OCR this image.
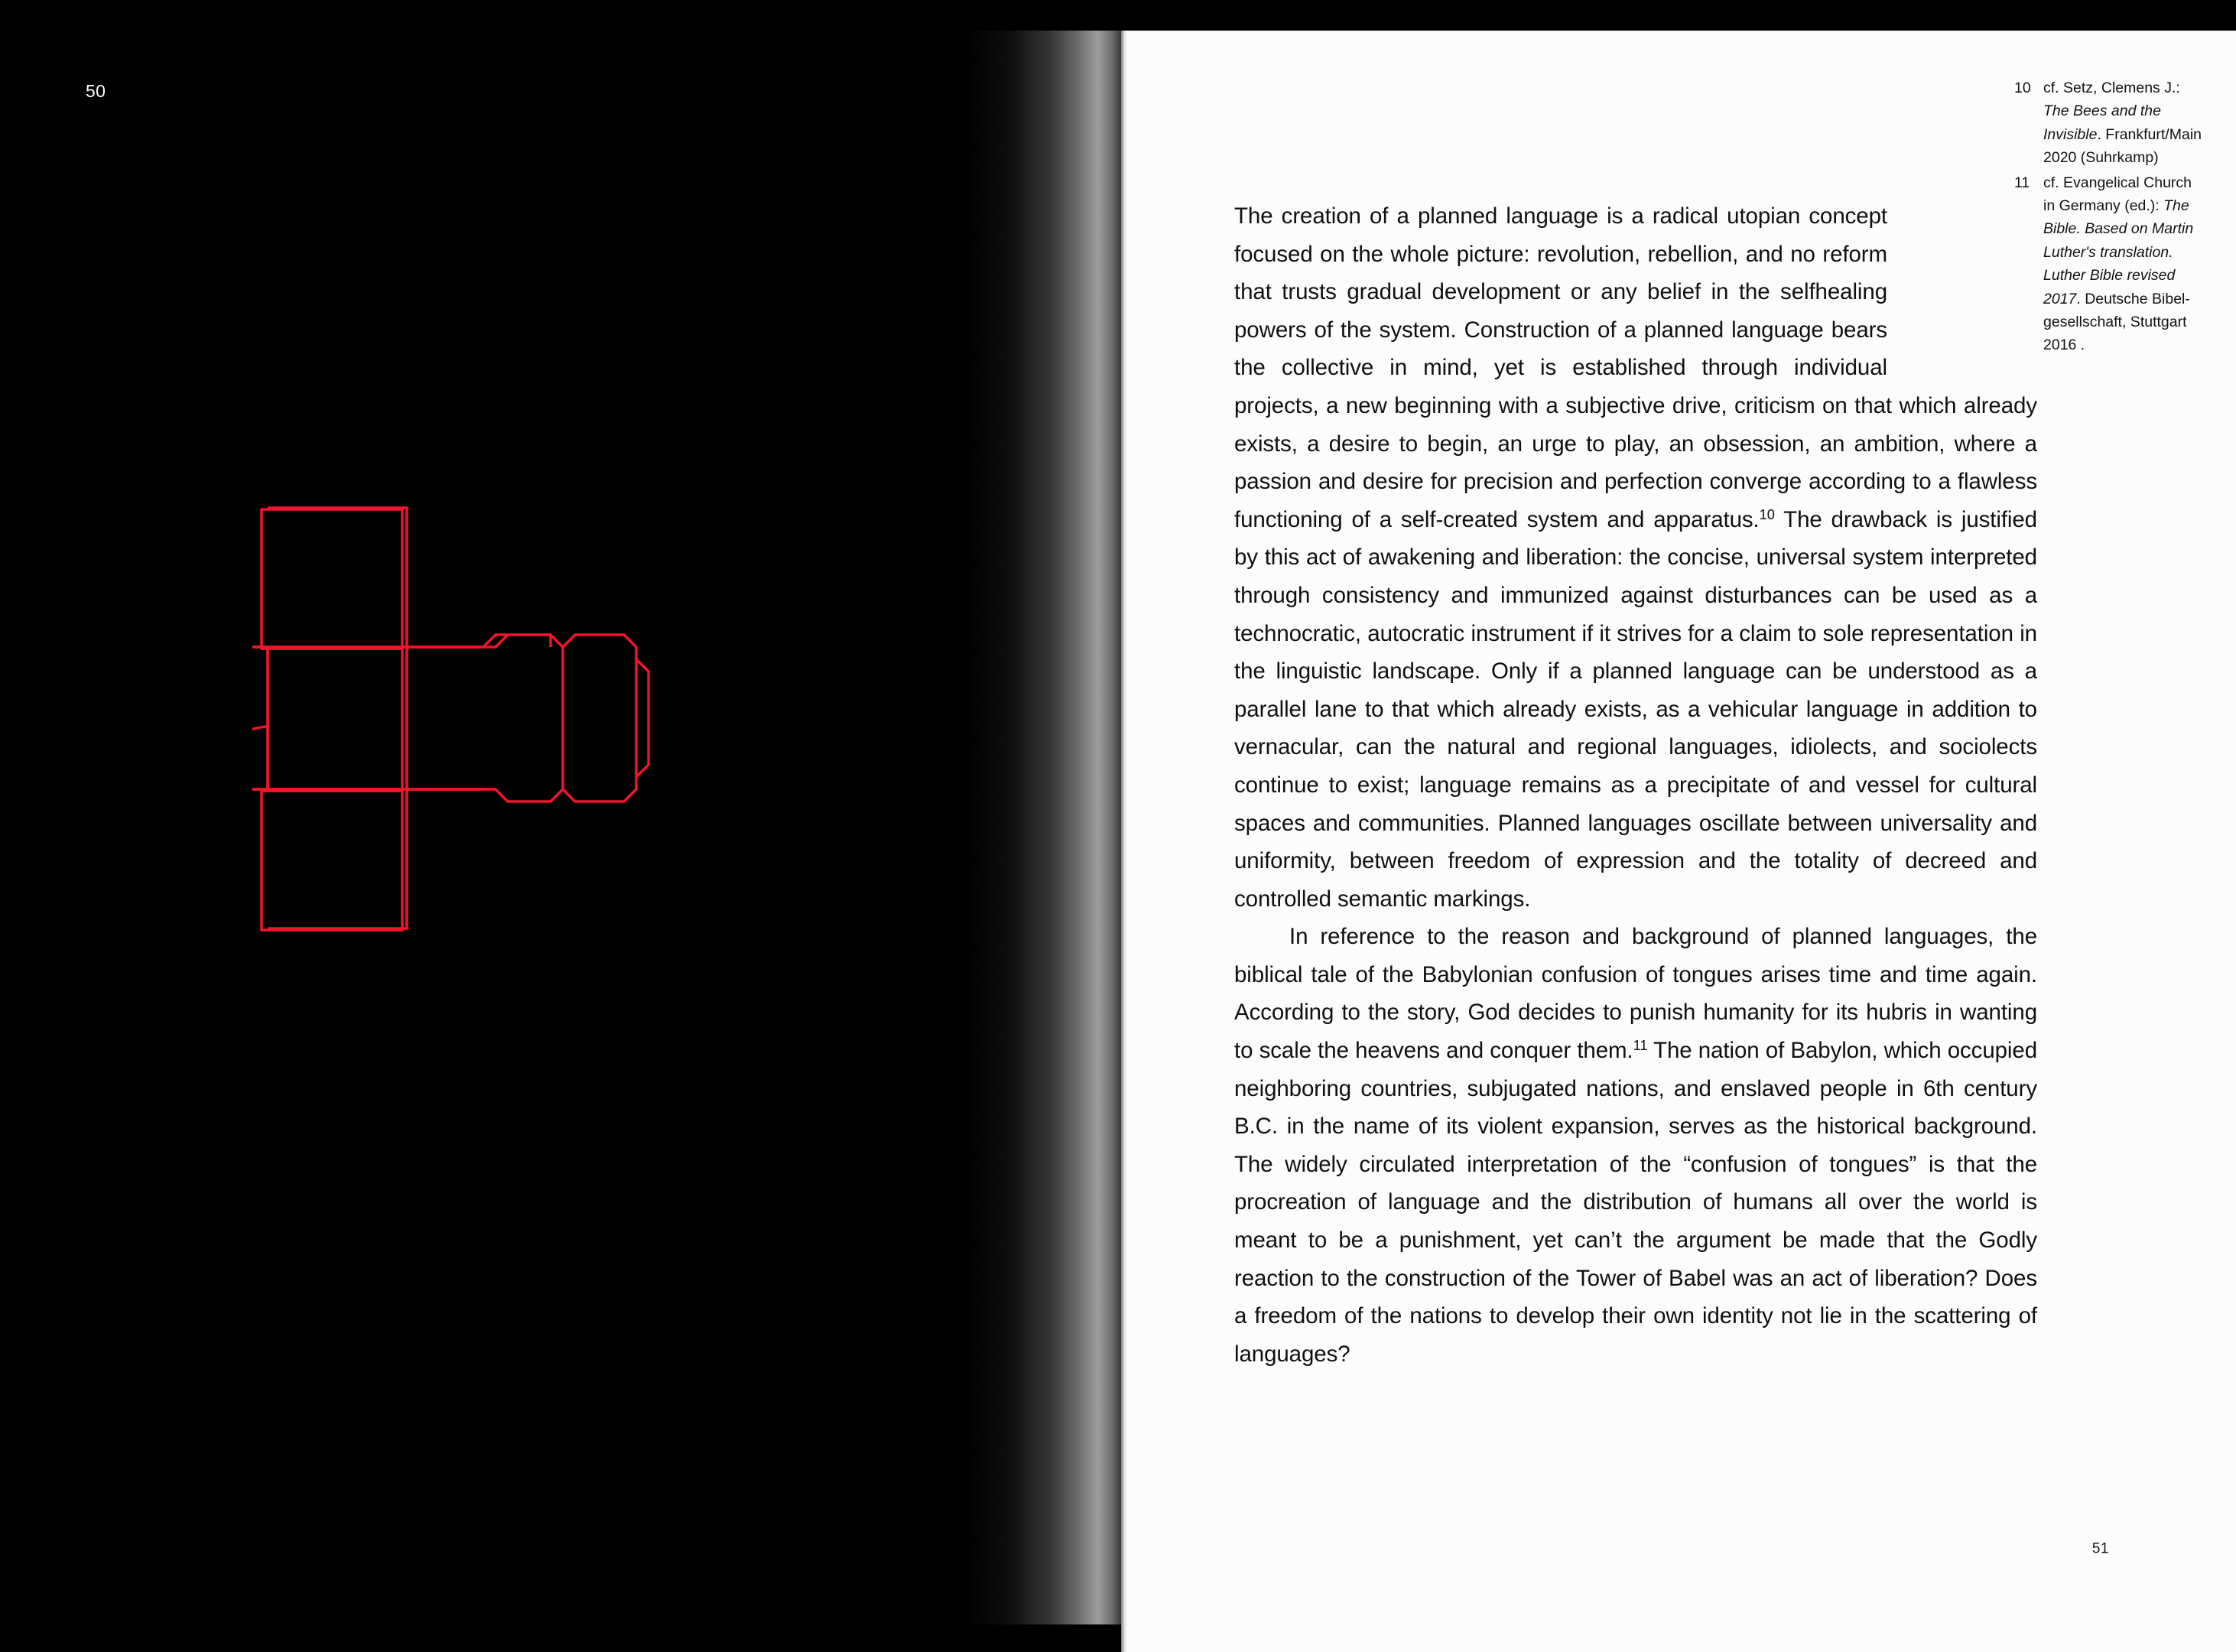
50	10 cf. Setz, Clemens J.: The Bees and the Invisible. Frankfurt/Main 2020 (Suhrkamp)
11 cf. Evangelical Church in Germany (ed.): The Bible. Based on Martin Luther's translation. Luther Bible revised 2017. Deutsche Bibel-gesellschaft, Stuttgart 2016 .

The creation of a planned language is a radical utopian concept focused on the whole picture: revolution, rebellion, and no reform that trusts gradual development or any belief in the selfhealing powers of the system. Construction of a planned language bears the collective in mind, yet is established through individual projects, a new beginning with a subjective drive, criticism on that which already exists, a desire to begin, an urge to play, an obsession, an ambition, where a passion and desire for precision and perfection converge according to a flawless functioning of a self-created system and apparatus.$^{10}$ The drawback is justified by this act of awakening and liberation: the concise, universal system interpreted through consistency and immunized against disturbances can be used as a technocratic, autocratic instrument if it strives for a claim to sole representation in the linguistic landscape. Only if a planned language can be understood as a parallel lane to that which already exists, as a vehicular language in addition to vernacular, can the natural and regional languages, idiolects, and sociolects continue to exist; language remains as a precipitate of and vessel for cultural spaces and communities. Planned languages oscillate between universality and uniformity, between freedom of expression and the totality of decreed and controlled semantic markings.

In reference to the reason and background of planned languages, the biblical tale of the Babylonian confusion of tongues arises time and time again. According to the story, God decides to punish humanity for its hubris in wanting to scale the heavens and conquer them.$^{11}$ The nation of Babylon, which occupied neighboring countries, subjugated nations, and enslaved people in 6th century B.C. in the name of its violent expansion, serves as the historical background. The widely circulated interpretation of the “confusion of tongues” is that the procreation of language and the distribution of humans all over the world is meant to be a punishment, yet can’t the argument be made that the Godly reaction to the construction of the Tower of Babel was an act of liberation? Does a freedom of the nations to develop their own identity not lie in the scattering of languages?

51
